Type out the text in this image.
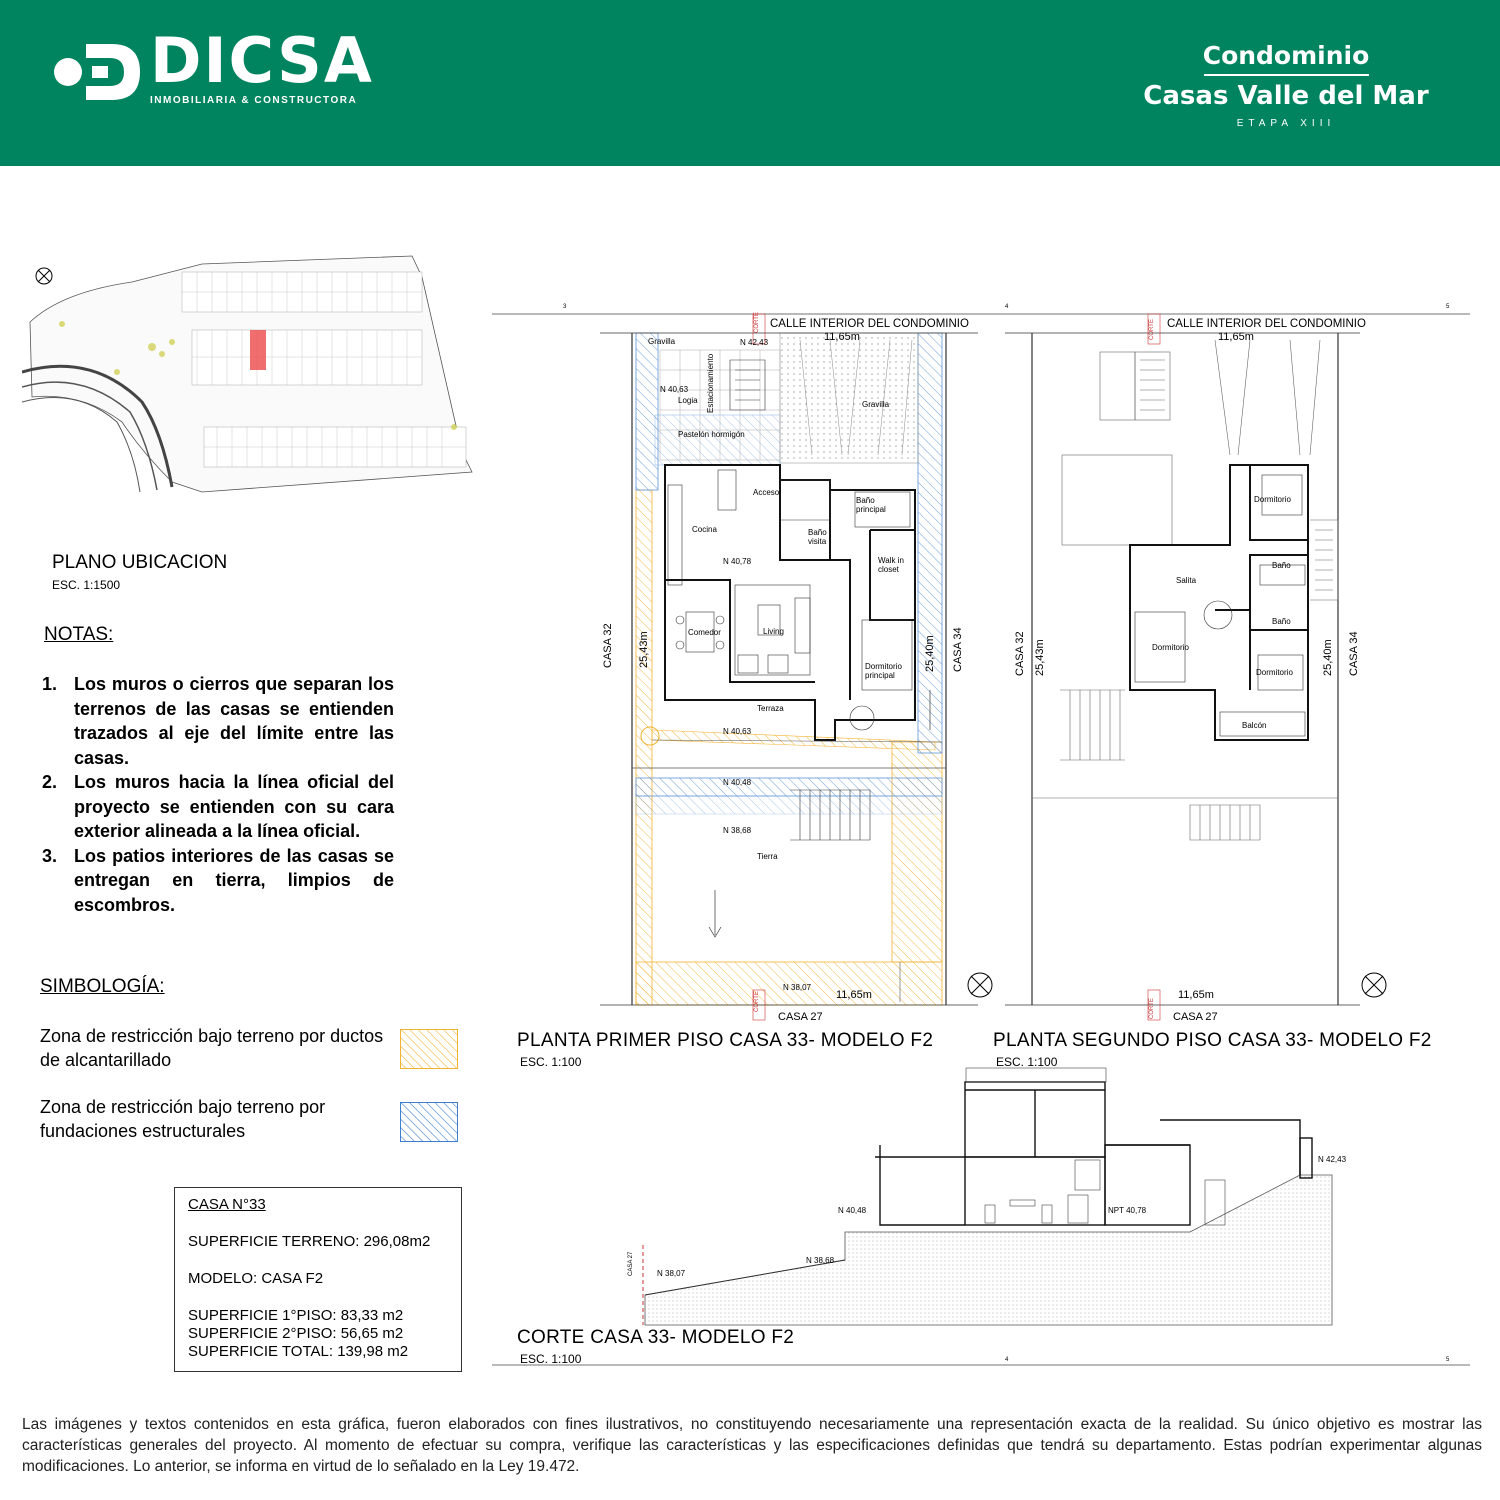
DICSA
INMOBILIARIA & CONSTRUCTORA
Condominio
Casas Valle del Mar
ETAPA XIII
PLANO UBICACION
ESC. 1:1500
NOTAS:
1. Los muros o cierros que separan los terrenos de las casas se entienden trazados al eje del límite entre las casas.
2. Los muros hacia la línea oficial del proyecto se entienden con su cara exterior alineada a la línea oficial.
3. Los patios interiores de las casas se entregan en tierra, limpios de escombros.
SIMBOLOGÍA:
Zona de restricción bajo terreno por ductos de alcantarillado
Zona de restricción bajo terreno por fundaciones estructurales
CASA N°33
SUPERFICIE TERRENO: 296,08m2
MODELO: CASA F2
SUPERFICIE 1°PISO: 83,33 m2
SUPERFICIE 2°PISO: 56,65 m2
SUPERFICIE TOTAL: 139,98 m2
3	4	5
CALLE INTERIOR DEL CONDOMINIO
11,65m
11,65m
CASA 27
CASA 32 25,43m	25,40m CASA 34
CORTE
CORTE
N 42,43
N 40,63
N 40,78
N 40,63
N 40,48
N 38,68
N 38,07
Gravilla
Logia
Pastelón hormigón
Cocina
Acceso
Baño visita
Baño principal
Walk in closet
Comedor	Living
Dormitorio principal
Terraza
Tierra
Gravilla
Estacionamiento
PLANTA PRIMER PISO CASA 33- MODELO F2
ESC. 1:100
CALLE INTERIOR DEL CONDOMINIO
11,65m
11,65m
CASA 27
CASA 32 25,43m	25,40m CASA 34
CORTE
CORTE
Dormitorio
Baño
Salita
Baño
Dormitorio
Dormitorio
Balcón
PLANTA SEGUNDO PISO CASA 33- MODELO F2
ESC. 1:100
N 42,43
N 40,48	NPT 40,78
N 38,68
N 38,07
CASA 27
4	5
CORTE CASA 33- MODELO F2
ESC. 1:100
Las imágenes y textos contenidos en esta gráfica, fueron elaborados con fines ilustrativos, no constituyendo necesariamente una representación exacta de la realidad. Su único objetivo es mostrar las características generales del proyecto. Al momento de efectuar su compra, verifique las características y las especificaciones definidas que tendrá su departamento. Estas podrían experimentar algunas modificaciones. Lo anterior, se informa en virtud de lo señalado en la Ley 19.472.
